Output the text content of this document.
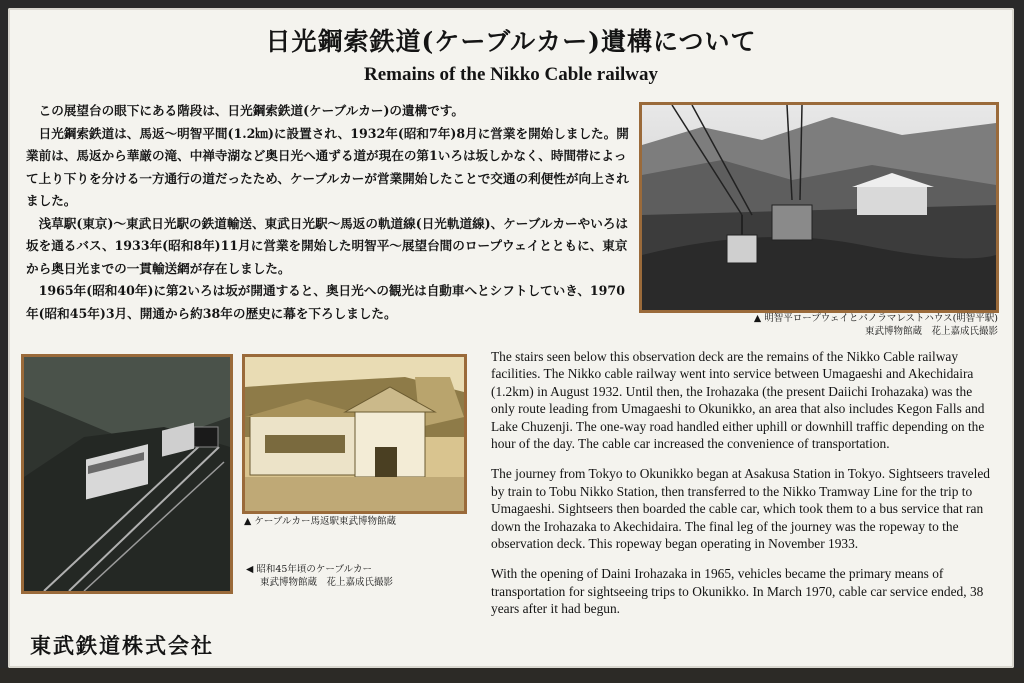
日光鋼索鉄道(ケーブルカー)遺構について
Remains of the Nikko Cable railway

この展望台の眼下にある階段は、日光鋼索鉄道(ケーブルカー)の遺構です。

日光鋼索鉄道は、馬返〜明智平間(1.2㎞)に設置され、1932年(昭和7年)8月に営業を開始しました。開業前は、馬返から華厳の滝、中禅寺湖など奥日光へ通ずる道が現在の第1いろは坂しかなく、時間帯によって上り下りを分ける一方通行の道だったため、ケーブルカーが営業開始したことで交通の利便性が向上されました。

浅草駅(東京)〜東武日光駅の鉄道輸送、東武日光駅〜馬返の軌道線(日光軌道線)、ケーブルカーやいろは坂を通るバス、1933年(昭和8年)11月に営業を開始した明智平〜展望台間のロープウェイとともに、東京から奥日光までの一貫輸送網が存在しました。

1965年(昭和40年)に第2いろは坂が開通すると、奥日光への観光は自動車へとシフトしていき、1970年(昭和45年)3月、開通から約38年の歴史に幕を下ろしました。	▲ 明智平ロープウェイとパノラマレストハウス(明智平駅)
東武博物館蔵　花上嘉成氏撮影
▲ ケーブルカー馬返駅東武博物館蔵
◀ 昭和45年頃のケーブルカー
東武博物館蔵　花上嘉成氏撮影

The stairs seen below this observation deck are the remains of the Nikko Cable railway facilities. The Nikko cable railway went into service between Umagaeshi and Akechidaira (1.2km) in August 1932. Until then, the Irohazaka (the present Daiichi Irohazaka) was the only route leading from Umagaeshi to Okunikko, an area that also includes Kegon Falls and Lake Chuzenji. The one-way road handled either uphill or downhill traffic depending on the hour of the day. The cable car increased the convenience of transportation.

The journey from Tokyo to Okunikko began at Asakusa Station in Tokyo. Sightseers traveled by train to Tobu Nikko Station, then transferred to the Nikko Tramway Line for the trip to Umagaeshi. Sightseers then boarded the cable car, which took them to a bus service that ran down the Irohazaka to Akechidaira. The final leg of the journey was the ropeway to the observation deck. This ropeway began operating in November 1933.

With the opening of Daini Irohazaka in 1965, vehicles became the primary means of transportation for sightseeing trips to Okunikko. In March 1970, cable car service ended, 38 years after it had begun.

東武鉄道株式会社
